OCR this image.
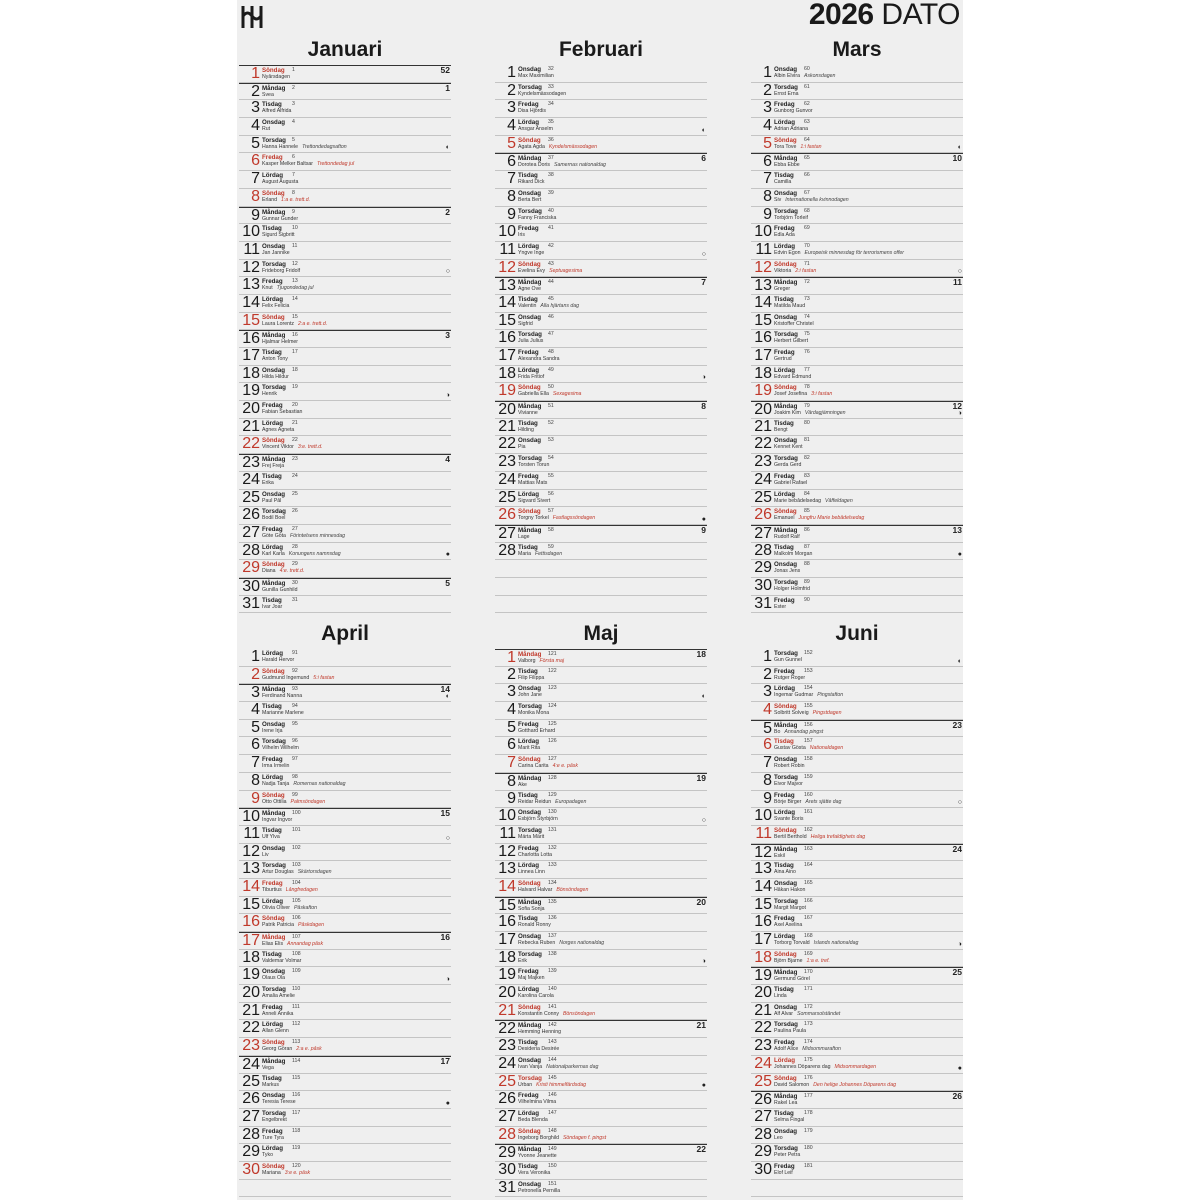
2026 DATO
Januari
1 Söndag 1
Nyårsdagen
52
2 Måndag 2
Svea
1
3 Tisdag 3
Alfred Alfrida
4 Onsdag 4
Rut
5 Torsdag 5
Hanna Hannele Trettondedagsafton	◐
6 Fredag 6
Kasper Melker Baltsar Trettondedag jul
7 Lördag 7
August Augusta
8 Söndag 8
Erland 1:a e. trett.d.
9 Måndag 9
Gunnar Gunder
2
10 Tisdag 10
Sigurd Sigbritt
11 Onsdag 11
Jan Jannike
12 Torsdag 12
Frideborg Fridolf	○
13 Fredag 13
Knut Tjugondedag jul
14 Lördag 14
Felix Felicia
15 Söndag 15
Laura Lorentz 2:a e. trett.d.
16 Måndag 16
Hjalmar Helmer
3
17 Tisdag 17
Anton Tony
18 Onsdag 18
Hilda Hildur
19 Torsdag 19
Henrik	◑
20 Fredag 20
Fabian Sebastian
21 Lördag 21
Agnes Agneta
22 Söndag 22
Vincent Viktor 3:e. trett.d.
23 Måndag 23
Frej Freja
4
24 Tisdag 24
Erika
25 Onsdag 25
Paul Pål
26 Torsdag 26
Bodil Boel
27 Fredag 27
Göte Göta Förintelsens minnesdag
28 Lördag 28
Karl Karla Konungens namnsdag	●
29 Söndag 29
Diana 4:e. trett.d.
30 Måndag 30
Gunilla Gunhild
5
31 Tisdag 31
Ivar Joar
Februari
1 Onsdag 32
Max Maximilian
2 Torsdag 33
Kyndelsmässodagen
3 Fredag 34
Disa Hjördis
4 Lördag 35
Ansgar Anselm	◐
5 Söndag 36
Agata Agda Kyndelsmässodagen
6 Måndag 37
Dorotea Doris Samernas nationaldag
6
7 Tisdag 38
Rikard Dick
8 Onsdag 39
Berta Bert
9 Torsdag 40
Fanny Franciska
10 Fredag 41
Iris
11 Lördag 42
Yngve Inge	○
12 Söndag 43
Evelina Evy Septuagesima
13 Måndag 44
Agne Ove
7
14 Tisdag 45
Valentin Alla hjärtans dag
15 Onsdag 46
Sigfrid
16 Torsdag 47
Julia Julius
17 Fredag 48
Alexandra Sandra
18 Lördag 49
Frida Fritiof	◑
19 Söndag 50
Gabriella Ella Sexagesima
20 Måndag 51
Vivianne
8
21 Tisdag 52
Hilding
22 Onsdag 53
Pia
23 Torsdag 54
Torsten Torun
24 Fredag 55
Mattias Mats
25 Lördag 56
Sigvard Sivert
26 Söndag 57
Torgny Torkel Fastlagssöndagen	●
27 Måndag 58
Lage
9
28 Tisdag 59
Maria Fettisdagen
Mars
1 Onsdag 60
Albin Elvira Askonsdagen
2 Torsdag 61
Ernst Erna
3 Fredag 62
Gunborg Gunvor
4 Lördag 63
Adrian Adriana
5 Söndag 64
Tora Tove 1:i fastan	◐
6 Måndag 65
Ebba Ebbe
10
7 Tisdag 66
Camilla
8 Onsdag 67
Siv Internationella kvinnodagen
9 Torsdag 68
Torbjörn Torleif
10 Fredag 69
Edla Ada
11 Lördag 70
Edvin Egon Europeisk minnesdag för terrorismens offer
12 Söndag 71
Viktoria 2:i fastan	○
13 Måndag 72
Greger
11
14 Tisdag 73
Matilda Maud
15 Onsdag 74
Kristoffer Christel
16 Torsdag 75
Herbert Gilbert
17 Fredag 76
Gertrud
18 Lördag 77
Edvard Edmund
19 Söndag 78
Josef Josefina 3:i fastan
20 Måndag 79
Joakim Kim Vårdagjämningen
12
◑
21 Tisdag 80
Bengt
22 Onsdag 81
Kennet Kent
23 Torsdag 82
Gerda Gerd
24 Fredag 83
Gabriel Rafael
25 Lördag 84
Marie bebådelsedag Våffeldagen
26 Söndag 85
Emanuel Jungfru Marie bebådelsedag
27 Måndag 86
Rudolf Ralf
13
28 Tisdag 87
Malkolm Morgan	●
29 Onsdag 88
Jonas Jens
30 Torsdag 89
Holger Holmfrid
31 Fredag 90
Ester
April
1 Lördag 91
Harald Hervor
2 Söndag 92
Gudmund Ingemund 5:i fastan
3 Måndag 93
Ferdinand Nanna
14
◐
4 Tisdag 94
Marianne Marlene
5 Onsdag 95
Irene Irja
6 Torsdag 96
Vilhelm Wilhelm
7 Fredag 97
Irma Irmelin
8 Lördag 98
Nadja Tanja Romernas nationaldag
9 Söndag 99
Otto Ottilia Palmsöndagen
10 Måndag 100
Ingvar Ingvor
15
11 Tisdag 101
Ulf Ylva	○
12 Onsdag 102
Liv
13 Torsdag 103
Artur Douglas Skärtorsdagen
14 Fredag 104
Tiburtius Långfredagen
15 Lördag 105
Olivia Oliver Påskafton
16 Söndag 106
Patrik Patricia Påskdagen
17 Måndag 107
Elias Elis Annandag påsk
16
18 Tisdag 108
Valdemar Volmar
19 Onsdag 109
Olaus Ola	◑
20 Torsdag 110
Amalia Amelie
21 Fredag 111
Anneli Annika
22 Lördag 112
Allan Glenn
23 Söndag 113
Georg Göran 2:a e. påsk
24 Måndag 114
Vega
17
25 Tisdag 115
Markus
26 Onsdag 116
Teresia Terese	●
27 Torsdag 117
Engelbrekt
28 Fredag 118
Ture Tyra
29 Lördag 119
Tyko
30 Söndag 120
Mariana 3:e e. påsk
Maj
1 Måndag 121
Valborg Första maj
18
2 Tisdag 122
Filip Filippa
3 Onsdag 123
John Jane	◐
4 Torsdag 124
Monika Mona
5 Fredag 125
Gotthard Erhard
6 Lördag 126
Marit Rita
7 Söndag 127
Carina Carita 4:e e. påsk
8 Måndag 128
Åke
19
9 Tisdag 129
Reidar Reidun Europadagen
10 Onsdag 130
Esbjörn Styrbjörn	○
11 Torsdag 131
Märta Märit
12 Fredag 132
Charlotta Lotta
13 Lördag 133
Linnea Linn
14 Söndag 134
Halvard Halvar Bönsöndagen
15 Måndag 135
Sofia Sonja
20
16 Tisdag 136
Ronald Ronny
17 Onsdag 137
Rebecka Ruben Norges nationaldag
18 Torsdag 138
Erik	◑
19 Fredag 139
Maj Majken
20 Lördag 140
Karolina Carola
21 Söndag 141
Konstantin Conny Bönsöndagen
22 Måndag 142
Hemming Henning
21
23 Tisdag 143
Desideria Desirée
24 Onsdag 144
Ivan Vanja Nationalparkernas dag
25 Torsdag 145
Urban Kristi himmelfärdsdag	●
26 Fredag 146
Vilhelmina Vilma
27 Lördag 147
Beda Blenda
28 Söndag 148
Ingeborg Borghild Söndagen f. pingst
29 Måndag 149
Yvonne Jeanette
22
30 Tisdag 150
Vera Veronika
31 Onsdag 151
Petronella Pernilla
Juni
1 Torsdag 152
Gun Gunnel	◐
2 Fredag 153
Rutger Roger
3 Lördag 154
Ingemar Gudmar Pingstafton
4 Söndag 155
Solbritt Solveig Pingstdagen
5 Måndag 156
Bo Annandag pingst
23
6 Tisdag 157
Gustav Gösta Nationaldagen
7 Onsdag 158
Robert Robin
8 Torsdag 159
Eivor Majvor
9 Fredag 160
Börje Birger Årets sjätte dag	○
10 Lördag 161
Svante Boris
11 Söndag 162
Bertil Berthold Heliga trefaldighets dag
12 Måndag 163
Eskil
24
13 Tisdag 164
Aina Aino
14 Onsdag 165
Håkan Hakon
15 Torsdag 166
Margit Margot
16 Fredag 167
Axel Axelina
17 Lördag 168
Torborg Torvald Islands nationaldag	◑
18 Söndag 169
Björn Bjarne 1:a e. tref.
19 Måndag 170
Germund Görel
25
20 Tisdag 171
Linda
21 Onsdag 172
Alf Alvar Sommarsolståndet
22 Torsdag 173
Paulina Paula
23 Fredag 174
Adolf Alice Midsommarafton
24 Lördag 175
Johannes Döparens dag Midsommardagen	●
25 Söndag 176
David Salomon Den helige Johannes Döparens dag
26 Måndag 177
Rakel Lea
26
27 Tisdag 178
Selma Fingal
28 Onsdag 179
Leo
29 Torsdag 180
Peter Petra
30 Fredag 181
Elof Leif
